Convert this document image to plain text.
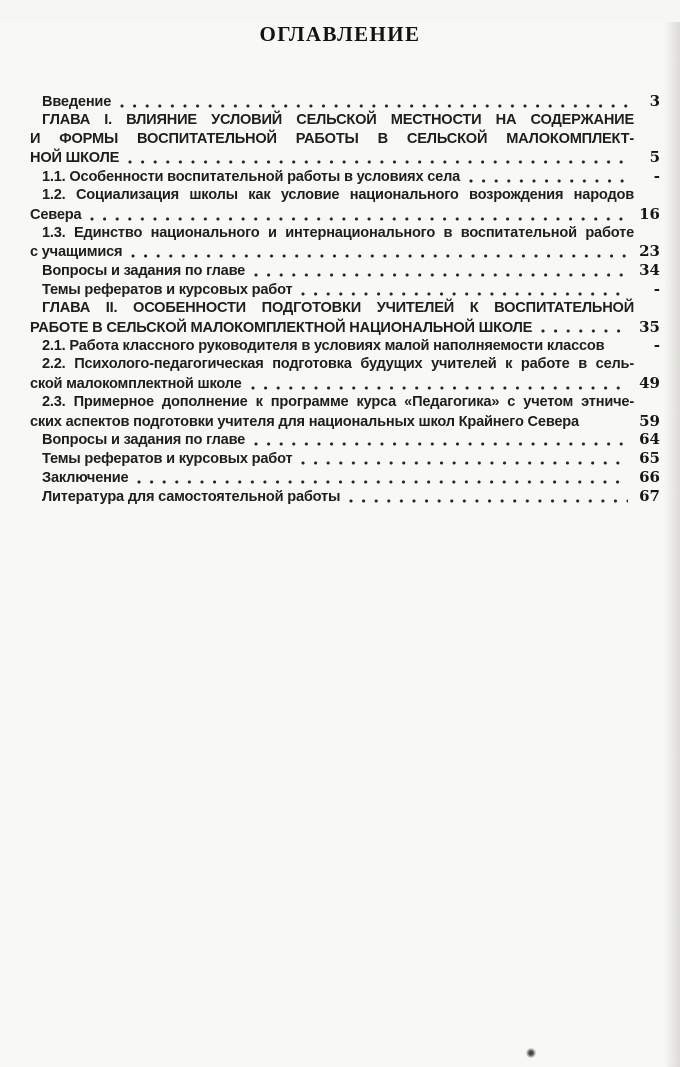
ОГЛАВЛЕНИЕ
Введение	3
ГЛАВА I. ВЛИЯНИЕ УСЛОВИЙ СЕЛЬСКОЙ МЕСТНОСТИ НА СОДЕРЖАНИЕ
И ФОРМЫ ВОСПИТАТЕЛЬНОЙ РАБОТЫ В СЕЛЬСКОЙ МАЛОКОМПЛЕКТ-
НОЙ ШКОЛЕ	5
1.1. Особенности воспитательной работы в условиях села	-
1.2. Социализация школы как условие национального возрождения народов
Севера	16
1.3. Единство национального и интернационального в воспитательной работе
с учащимися	23
Вопросы и задания по главе	34
Темы рефератов и курсовых работ	-
ГЛАВА II. ОСОБЕННОСТИ ПОДГОТОВКИ УЧИТЕЛЕЙ К ВОСПИТАТЕЛЬНОЙ
РАБОТЕ В СЕЛЬСКОЙ МАЛОКОМПЛЕКТНОЙ НАЦИОНАЛЬНОЙ ШКОЛЕ	35
2.1. Работа классного руководителя в условиях малой наполняемости классов	-
2.2. Психолого-педагогическая подготовка будущих учителей к работе в сель-
ской малокомплектной школе	49
2.3. Примерное дополнение к программе курса «Педагогика» с учетом этниче-
ских аспектов подготовки учителя для национальных школ Крайнего Севера	59
Вопросы и задания по главе	64
Темы рефератов и курсовых работ	65
Заключение	66
Литература для самостоятельной работы	67
